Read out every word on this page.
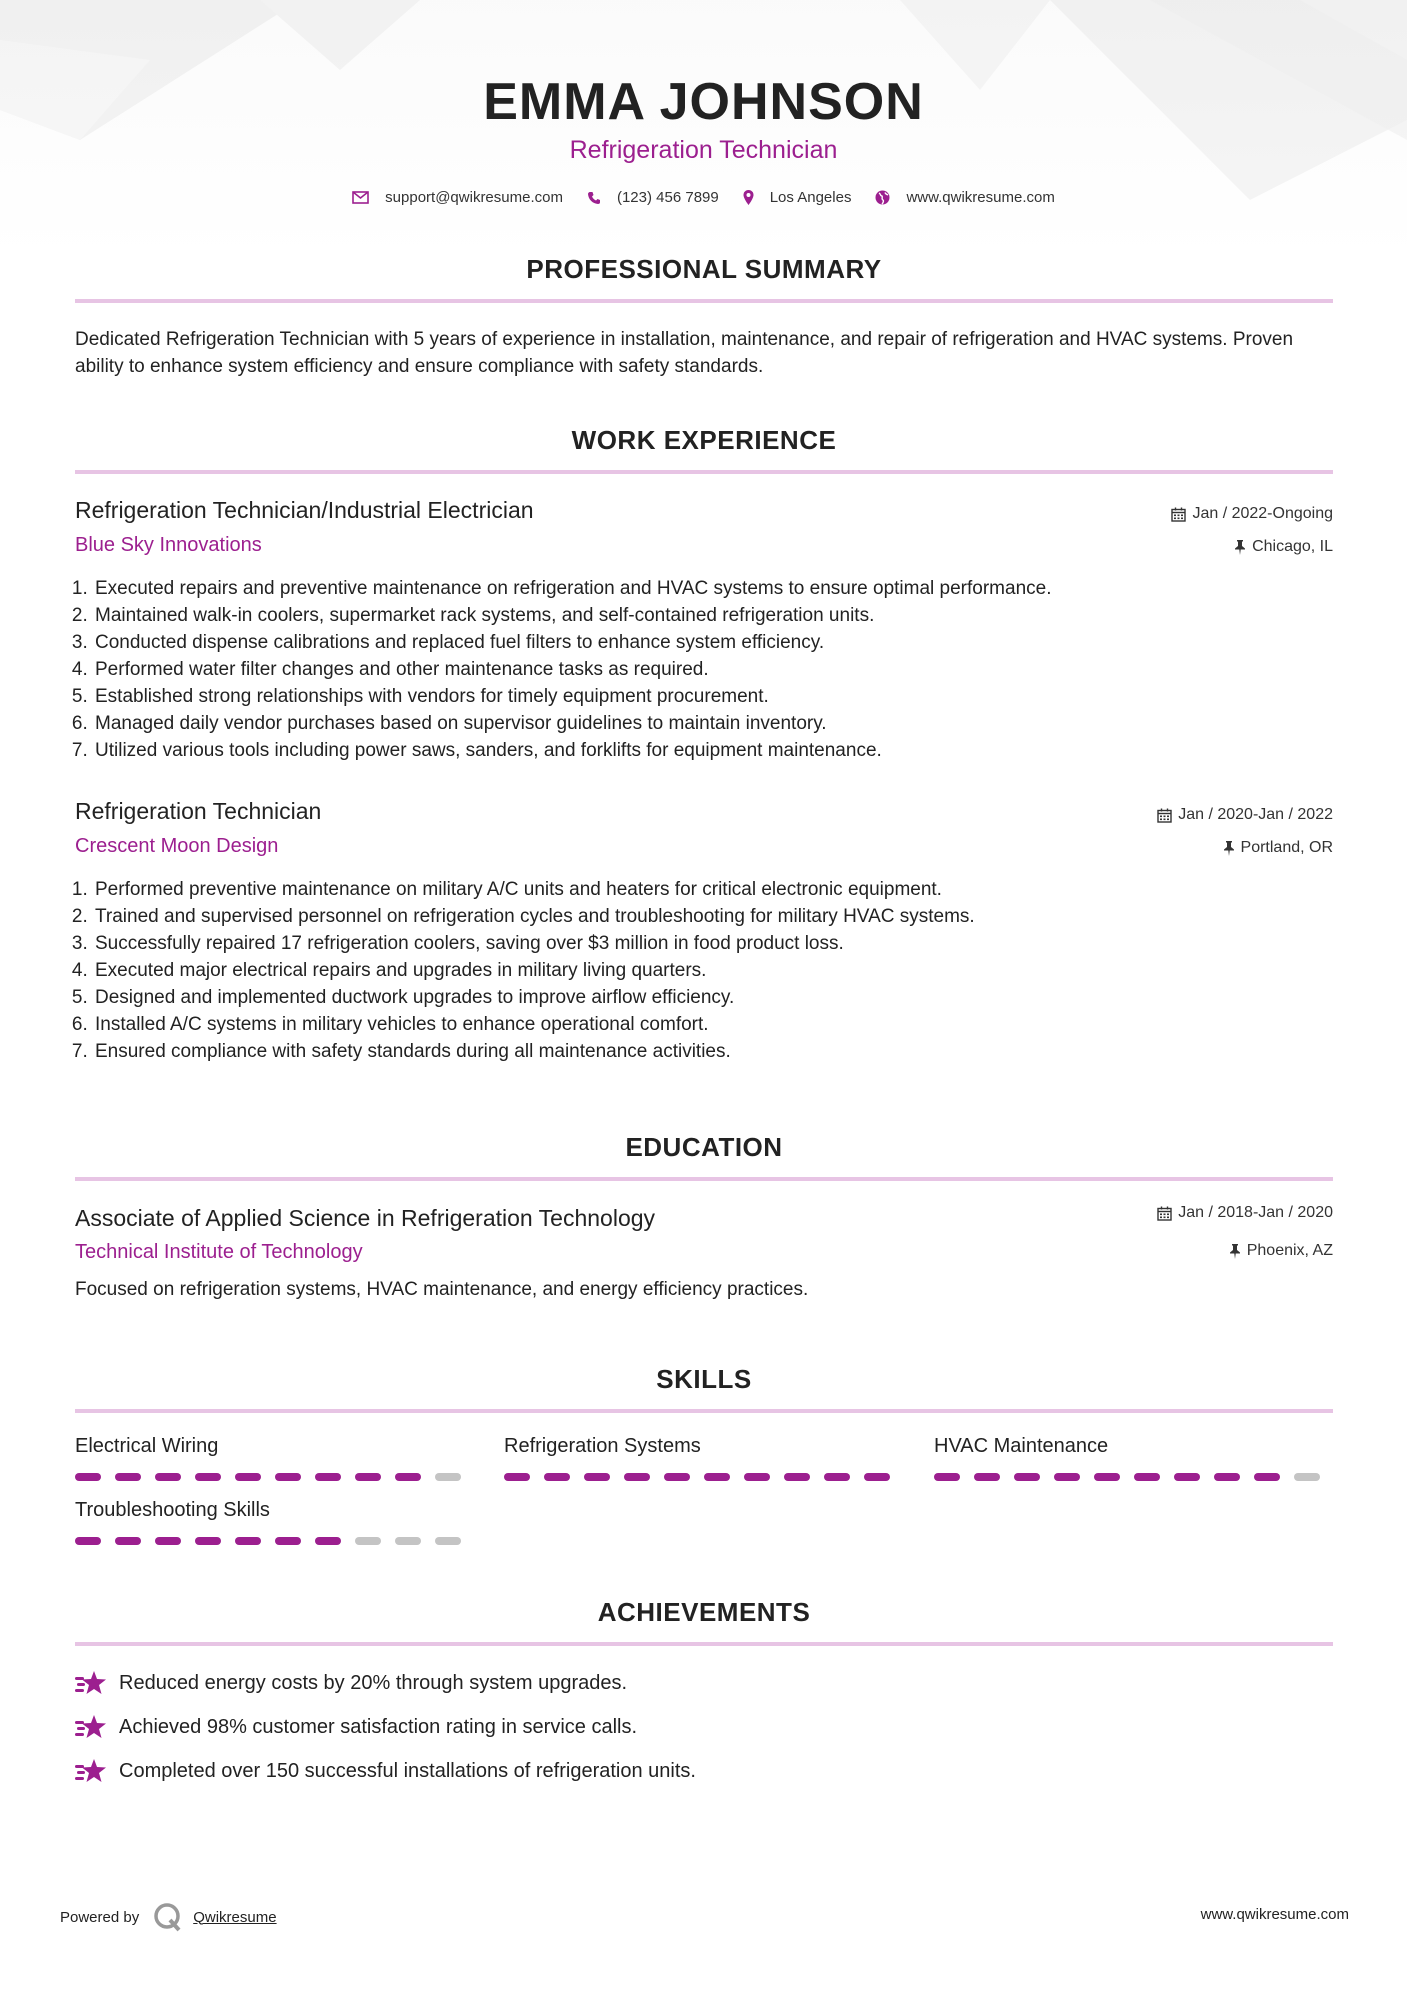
EMMA JOHNSON
Refrigeration Technician
support@qwikresume.com	(123) 456 7899	Los Angeles	www.qwikresume.com
PROFESSIONAL SUMMARY
Dedicated Refrigeration Technician with 5 years of experience in installation, maintenance, and repair of refrigeration and HVAC systems. Proven ability to enhance system efficiency and ensure compliance with safety standards.
WORK EXPERIENCE
Refrigeration Technician/Industrial Electrician
Blue Sky Innovations
Jan / 2022-Ongoing
Chicago, IL
1. Executed repairs and preventive maintenance on refrigeration and HVAC systems to ensure optimal performance.
2. Maintained walk-in coolers, supermarket rack systems, and self-contained refrigeration units.
3. Conducted dispense calibrations and replaced fuel filters to enhance system efficiency.
4. Performed water filter changes and other maintenance tasks as required.
5. Established strong relationships with vendors for timely equipment procurement.
6. Managed daily vendor purchases based on supervisor guidelines to maintain inventory.
7. Utilized various tools including power saws, sanders, and forklifts for equipment maintenance.
Refrigeration Technician
Crescent Moon Design
Jan / 2020-Jan / 2022
Portland, OR
1. Performed preventive maintenance on military A/C units and heaters for critical electronic equipment.
2. Trained and supervised personnel on refrigeration cycles and troubleshooting for military HVAC systems.
3. Successfully repaired 17 refrigeration coolers, saving over $3 million in food product loss.
4. Executed major electrical repairs and upgrades in military living quarters.
5. Designed and implemented ductwork upgrades to improve airflow efficiency.
6. Installed A/C systems in military vehicles to enhance operational comfort.
7. Ensured compliance with safety standards during all maintenance activities.
EDUCATION
Associate of Applied Science in Refrigeration Technology
Technical Institute of Technology
Jan / 2018-Jan / 2020
Phoenix, AZ
Focused on refrigeration systems, HVAC maintenance, and energy efficiency practices.
SKILLS
Electrical Wiring	Refrigeration Systems	HVAC Maintenance
Troubleshooting Skills
ACHIEVEMENTS
Reduced energy costs by 20% through system upgrades.
Achieved 98% customer satisfaction rating in service calls.
Completed over 150 successful installations of refrigeration units.
Powered by	Qwikresume	www.qwikresume.com
